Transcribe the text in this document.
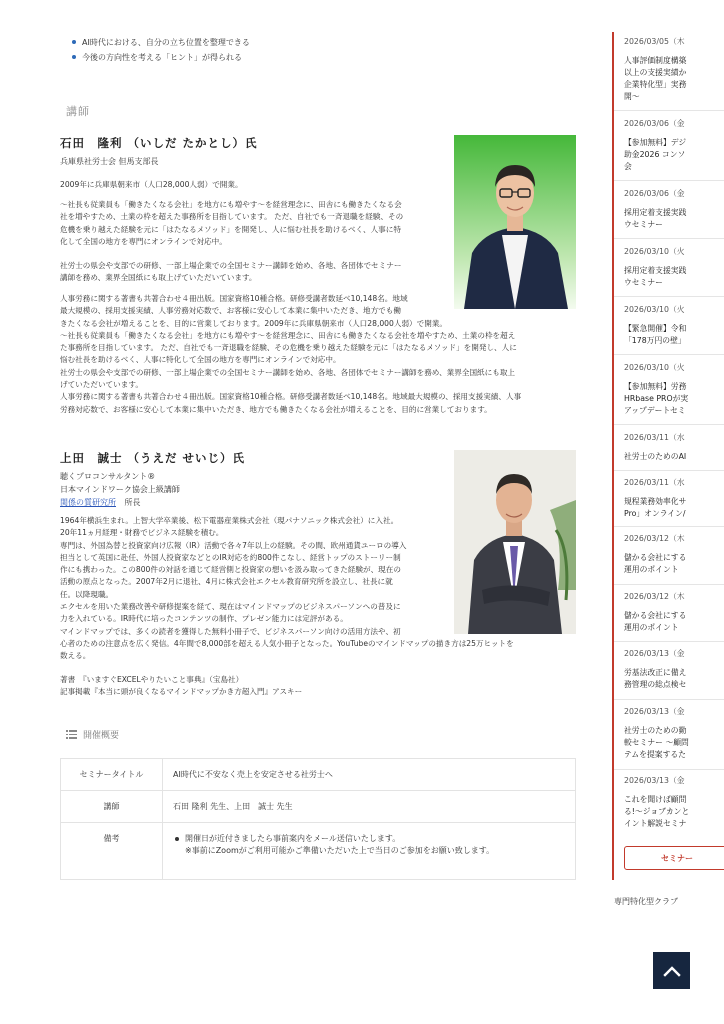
AI時代における、自分の立ち位置を整理できる
今後の方向性を考える「ヒント」が得られる
講師
石田　隆利 （いしだ たかとし）氏
兵庫県社労士会 但馬支部長
2009年に兵庫県朝来市（人口28,000人弱）で開業。
〜社長も従業員も「働きたくなる会社」を地方にも増やす〜を経営理念に、田舎にも働きたくなる会
社を増やすため、土業の枠を超えた事務所を目指しています。 ただ、自社でも一斉退職を経験、その
危機を乗り越えた経験を元に「はたなるメソッド」を開発し、人に悩む社長を助けるべく、人事に特
化して全国の地方を専門にオンラインで対応中。
社労士の県会や支部での研修、一部上場企業での全国セミナー講師を始め、各地、各団体でセミナー
講師を務め、業界全国紙にも取上げていただいています。
人事労務に関する著書も共著合わせ４冊出版。国家資格10種合格。研修受講者数延べ10,148名。地域
最大規模の、採用支援実績、人事労務対応数で、お客様に安心して本業に集中いただき、地方でも働
きたくなる会社が増えることを、目的に営業しております。2009年に兵庫県朝来市（人口28,000人弱）で開業。
〜社長も従業員も「働きたくなる会社」を地方にも増やす〜を経営理念に、田舎にも働きたくなる会社を増やすため、土業の枠を超え
た事務所を目指しています。 ただ、自社でも一斉退職を経験、その危機を乗り越えた経験を元に「はたなるメソッド」を開発し、人に
悩む社長を助けるべく、人事に特化して全国の地方を専門にオンラインで対応中。
社労士の県会や支部での研修、一部上場企業での全国セミナー講師を始め、各地、各団体でセミナー講師を務め、業界全国紙にも取上
げていただいています。
人事労務に関する著書も共著合わせ４冊出版。国家資格10種合格。研修受講者数延べ10,148名。地域最大規模の、採用支援実績、人事
労務対応数で、お客様に安心して本業に集中いただき、地方でも働きたくなる会社が増えることを、目的に営業しております。
上田　誠士 （うえだ せいじ）氏
聴くプロコンサルタント®
日本マインドワーク協会上級講師
関係の質研究所 所長
1964年横浜生まれ。上智大学卒業後、松下電器産業株式会社（現パナソニック株式会社）に入社。
20年11ヵ月経理・財務でビジネス経験を積む。
専門は、外国為替と投資家向け広報（IR）活動で各々7年以上の経験。その間、欧州通貨ユーロの導入
担当として英国に赴任、外国人投資家などとのIR対応を約800件こなし、経営トップのストーリー制
作にも携わった。この800件の対話を通じて経営側と投資家の想いを汲み取ってきた経験が、現在の
活動の原点となった。2007年2月に退社、4月に株式会社エクセル教育研究所を設立し、社長に就
任。以降現職。
エクセルを用いた業務改善や研修提案を経て、現在はマインドマップのビジネスパーソンへの普及に
力を入れている。IR時代に培ったコンテンツの制作、プレゼン能力には定評がある。
マインドマップでは、多くの読者を獲得した無料小冊子で、ビジネスパーソン向けの活用方法や、初
心者のための注意点を広く発信。4年間で8,000部を超える人気小冊子となった。YouTubeのマインドマップの描き方は25万ヒットを
数える。
著書　『いますぐEXCELやりたいこと事典』（宝島社）
記事掲載『本当に頭が良くなるマインドマップかき方超入門』アスキー
開催概要
セミナータイトル	AI時代に不安なく売上を安定させる社労士へ
講師	石田 隆利 先生、上田　誠士 先生
備考	開催日が近付きましたら事前案内をメール送信いたします。
※事前にZoomがご利用可能かご準備いただいた上で当日のご参加をお願い致します。
2026/03/05（木
人事評価制度構築
以上の支援実績か
企業特化型」実務
開〜
2026/03/06（金
【参加無料】デジ
助金2026 コンソ
会
2026/03/06（金
採用定着支援実践
ウセミナー
2026/03/10（火
採用定着支援実践
ウセミナー
2026/03/10（火
【緊急開催】令和
「178万円の壁」
2026/03/10（火
【参加無料】労務
HRbase PROが実
アップデートセミ
2026/03/11（水
社労士のためのAI
2026/03/11（水
規程業務効率化サ
Pro」オンライン/
2026/03/12（木
儲かる会社にする
運用のポイント
2026/03/12（木
儲かる会社にする
運用のポイント
2026/03/13（金
労基法改正に備え
務管理の総点検セ
2026/03/13（金
社労士のための勤
較セミナー 〜顧問
テムを提案するた
2026/03/13（金
これを聞けば顧問
る!〜ジョブカンと
イント解説セミナ
セミナー
専門特化型クラブ
